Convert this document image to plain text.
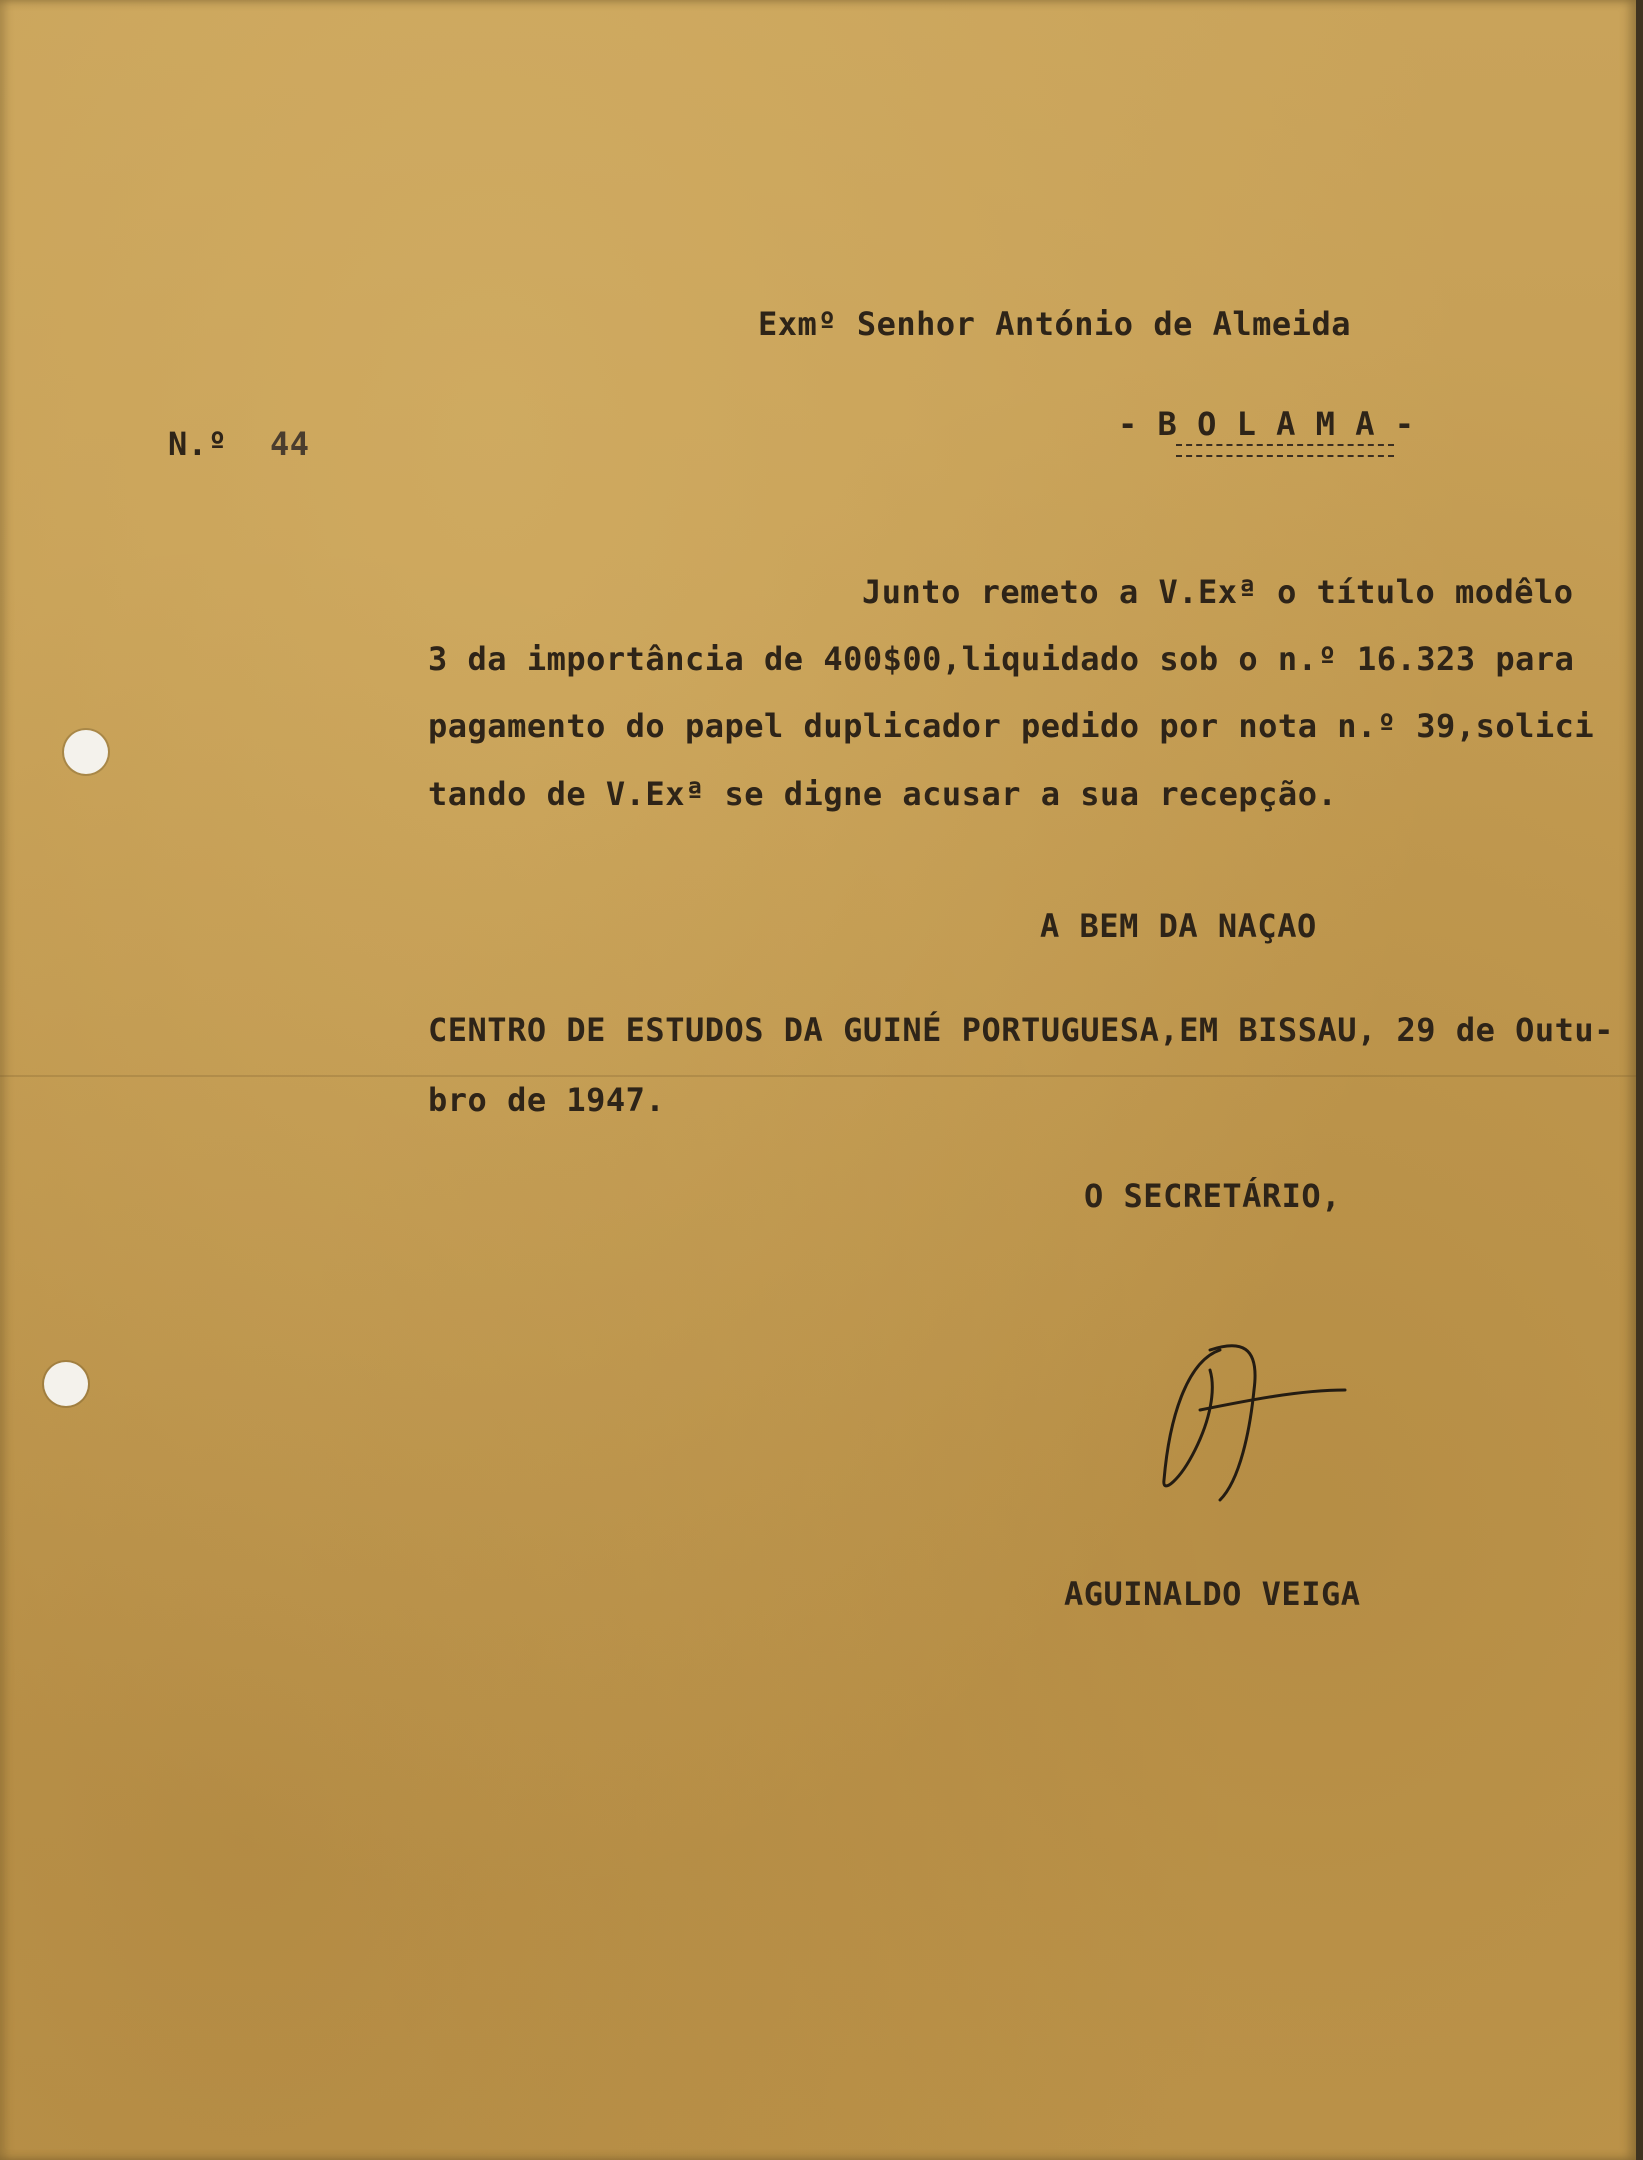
Exmº Senhor António de Almeida
N.º 44
- B O L A M A -
Junto remeto a V.Exª o título modêlo
3 da importância de 400$00,liquidado sob o n.º 16.323 para
pagamento do papel duplicador pedido por nota n.º 39,solici
tando de V.Exª se digne acusar a sua recepção.
A BEM DA NAÇAO
CENTRO DE ESTUDOS DA GUINÉ PORTUGUESA,EM BISSAU, 29 de Outu-
bro de 1947.
O SECRETÁRIO,
AGUINALDO VEIGA
